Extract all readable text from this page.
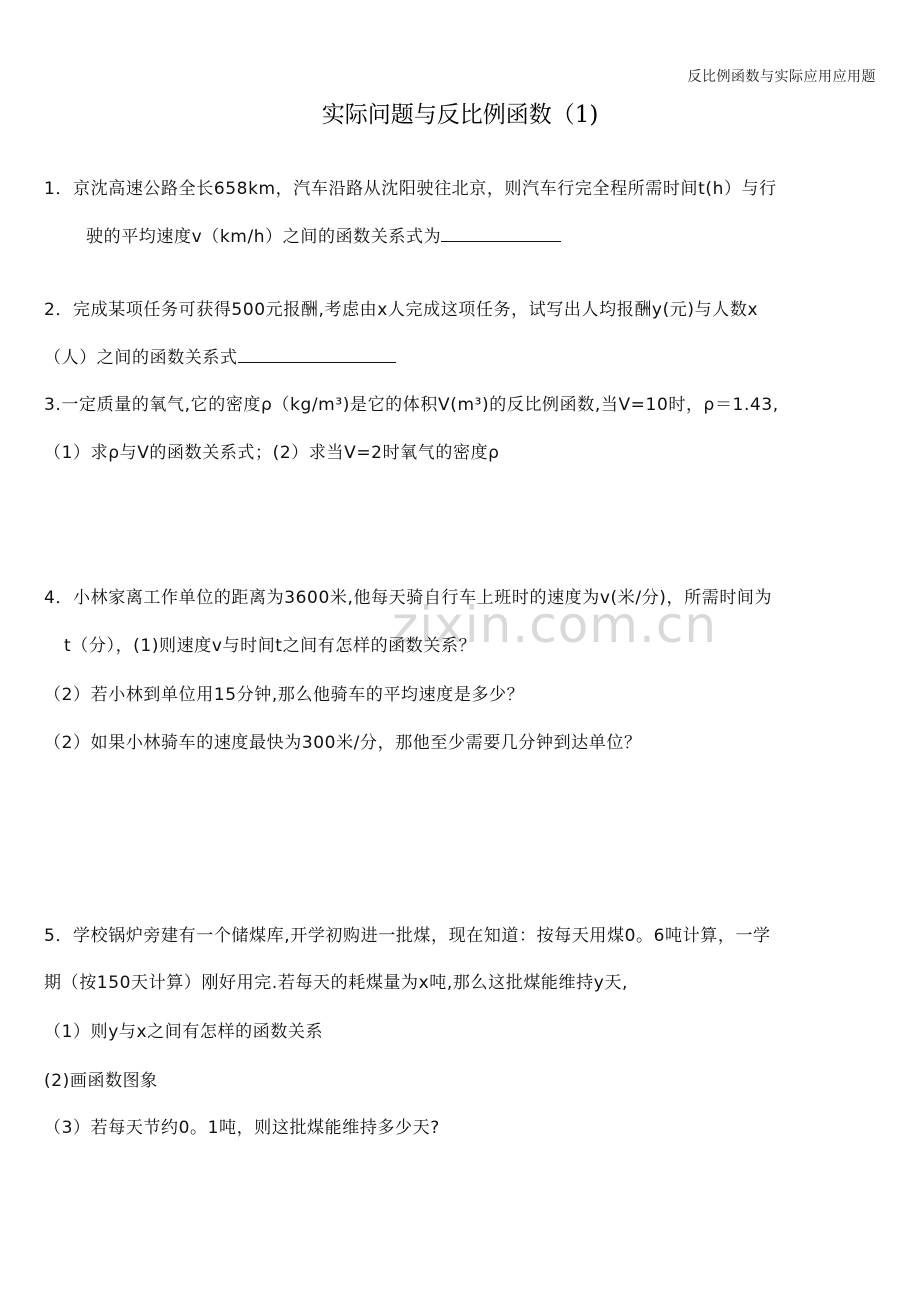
反比例函数与实际应用应用题
实际问题与反比例函数（1)
zixin.com.cn
1．京沈高速公路全长658km，汽车沿路从沈阳驶往北京，则汽车行完全程所需时间t(h）与行
驶的平均速度v（km/h）之间的函数关系式为
2．完成某项任务可获得500元报酬,考虑由x人完成这项任务，试写出人均报酬y(元)与人数x
（人）之间的函数关系式
3.一定质量的氧气,它的密度ρ（kg/m³)是它的体积V(m³)的反比例函数,当V=10时，ρ＝1.43,
（1）求ρ与V的函数关系式；(2）求当V=2时氧气的密度ρ
4．小林家离工作单位的距离为3600米,他每天骑自行车上班时的速度为v(米/分)，所需时间为
t（分），(1)则速度v与时间t之间有怎样的函数关系？
（2）若小林到单位用15分钟,那么他骑车的平均速度是多少？
（2）如果小林骑车的速度最快为300米/分，那他至少需要几分钟到达单位？
5．学校锅炉旁建有一个储煤库,开学初购进一批煤，现在知道：按每天用煤0。6吨计算，一学
期（按150天计算）刚好用完.若每天的耗煤量为x吨,那么这批煤能维持y天,
（1）则y与x之间有怎样的函数关系
(2)画函数图象
（3）若每天节约0。1吨，则这批煤能维持多少天?
